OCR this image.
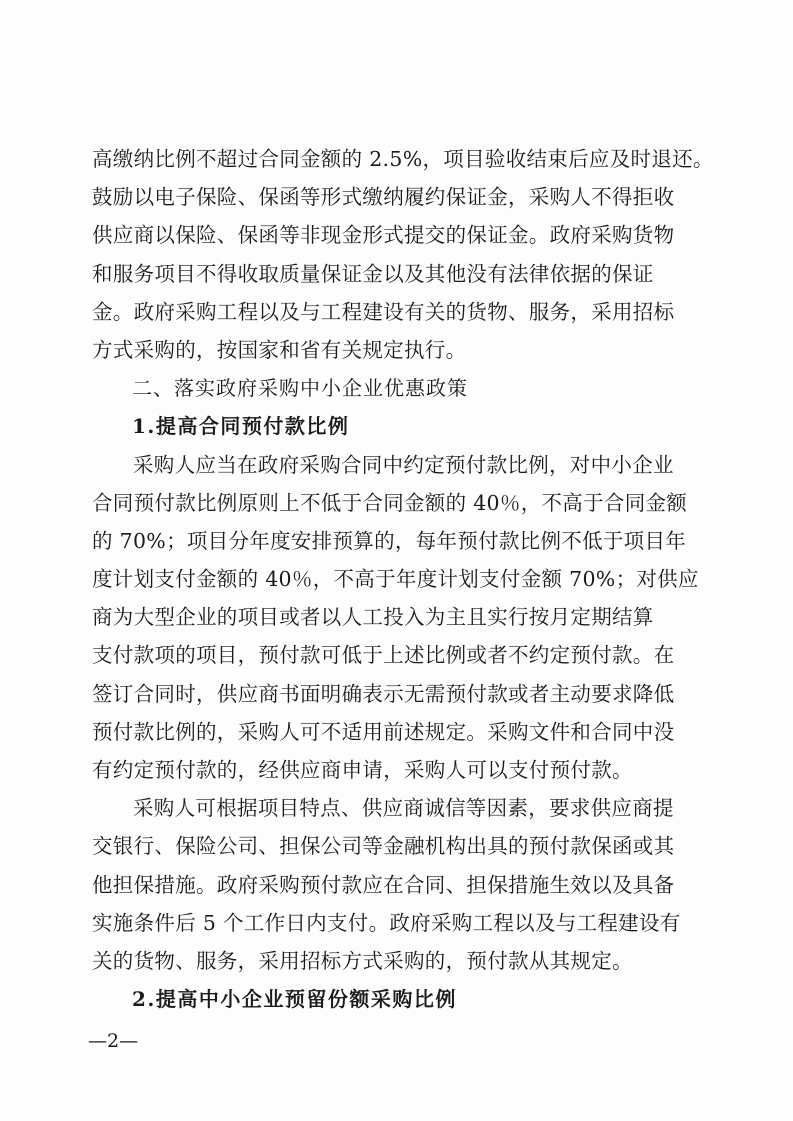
高缴纳比例不超过合同金额的 2.5%，项目验收结束后应及时退还。
鼓励以电子保险、保函等形式缴纳履约保证金，采购人不得拒收
供应商以保险、保函等非现金形式提交的保证金。政府采购货物
和服务项目不得收取质量保证金以及其他没有法律依据的保证
金。政府采购工程以及与工程建设有关的货物、服务，采用招标
方式采购的，按国家和省有关规定执行。
二、落实政府采购中小企业优惠政策
1.提高合同预付款比例
采购人应当在政府采购合同中约定预付款比例，对中小企业
合同预付款比例原则上不低于合同金额的 40％，不高于合同金额
的 70%；项目分年度安排预算的，每年预付款比例不低于项目年
度计划支付金额的 40％，不高于年度计划支付金额 70%；对供应
商为大型企业的项目或者以人工投入为主且实行按月定期结算
支付款项的项目，预付款可低于上述比例或者不约定预付款。在
签订合同时，供应商书面明确表示无需预付款或者主动要求降低
预付款比例的，采购人可不适用前述规定。采购文件和合同中没
有约定预付款的，经供应商申请，采购人可以支付预付款。
采购人可根据项目特点、供应商诚信等因素，要求供应商提
交银行、保险公司、担保公司等金融机构出具的预付款保函或其
他担保措施。政府采购预付款应在合同、担保措施生效以及具备
实施条件后 5 个工作日内支付。政府采购工程以及与工程建设有
关的货物、服务，采用招标方式采购的，预付款从其规定。
2.提高中小企业预留份额采购比例
—2—
